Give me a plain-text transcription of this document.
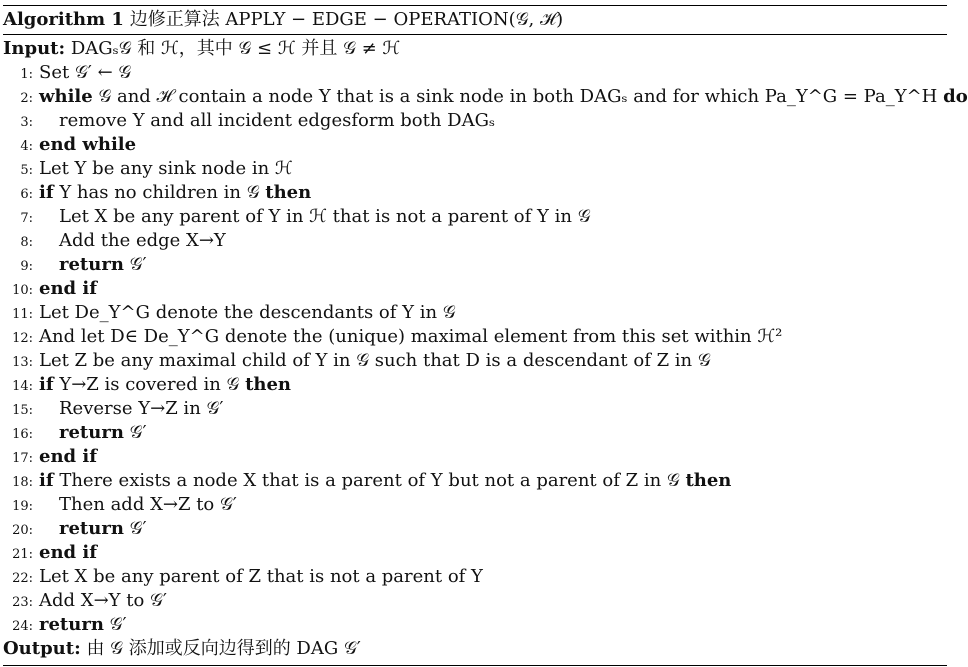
Algorithm 1 边修正算法 APPLY − EDGE − OPERATION(𝒢, ℋ)
Input: DAGₛ𝒢 和 ℋ，其中 𝒢 ≤ ℋ 并且 𝒢 ≠ ℋ
1: Set 𝒢′ ← 𝒢
2: while 𝒢 and ℋ contain a node Y that is a sink node in both DAGₛ and for which Pa_Y^G = Pa_Y^H do
3: remove Y and all incident edgesform both DAGₛ
4: end while
5: Let Y be any sink node in ℋ
6: if Y has no children in 𝒢 then
7: Let X be any parent of Y in ℋ that is not a parent of Y in 𝒢
8: Add the edge X→Y
9: return 𝒢′
10: end if
11: Let De_Y^G denote the descendants of Y in 𝒢
12: And let D∈ De_Y^G denote the (unique) maximal element from this set within ℋ²
13: Let Z be any maximal child of Y in 𝒢 such that D is a descendant of Z in 𝒢
14: if Y→Z is covered in 𝒢 then
15: Reverse Y→Z in 𝒢′
16: return 𝒢′
17: end if
18: if There exists a node X that is a parent of Y but not a parent of Z in 𝒢 then
19: Then add X→Z to 𝒢′
20: return 𝒢′
21: end if
22: Let X be any parent of Z that is not a parent of Y
23: Add X→Y to 𝒢′
24: return 𝒢′
Output: 由 𝒢 添加或反向边得到的 DAG 𝒢′
